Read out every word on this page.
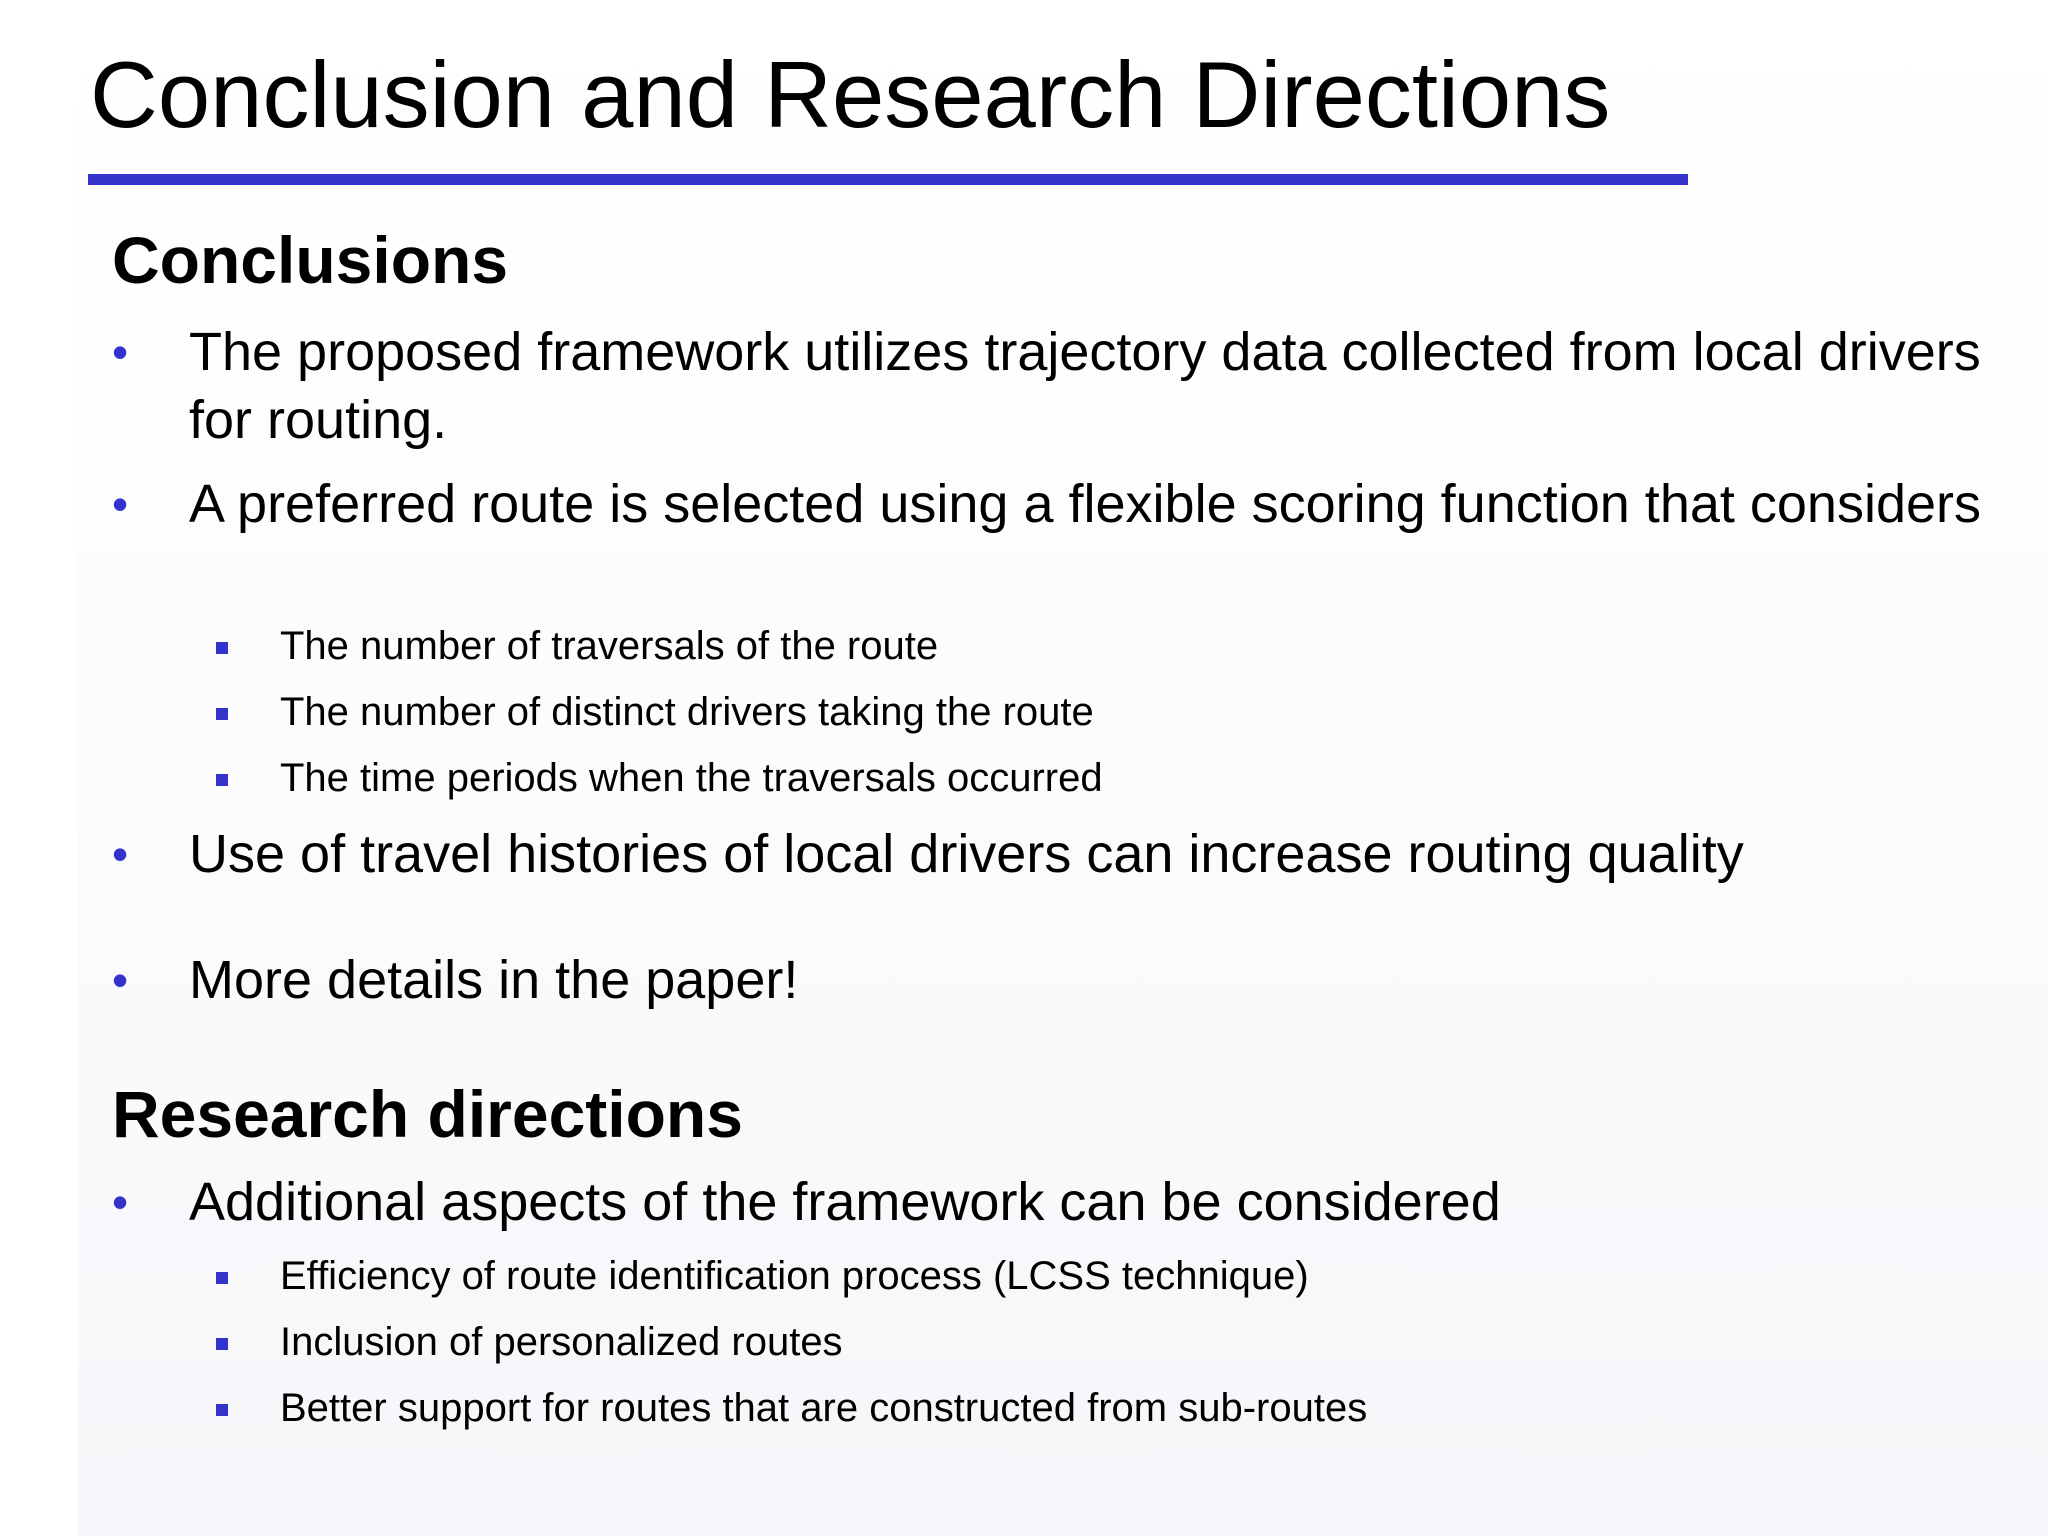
Conclusion and Research Directions
Conclusions
•	The proposed framework utilizes trajectory data collected from local drivers for routing.
•	A preferred route is selected using a flexible scoring function that considers
The number of traversals of the route
The number of distinct drivers taking the route
The time periods when the traversals occurred
•	Use of travel histories of local drivers can increase routing quality
•	More details in the paper!
Research directions
•	Additional aspects of the framework can be considered
Efficiency of route identification process (LCSS technique)
Inclusion of personalized routes
Better support for routes that are constructed from sub-routes
